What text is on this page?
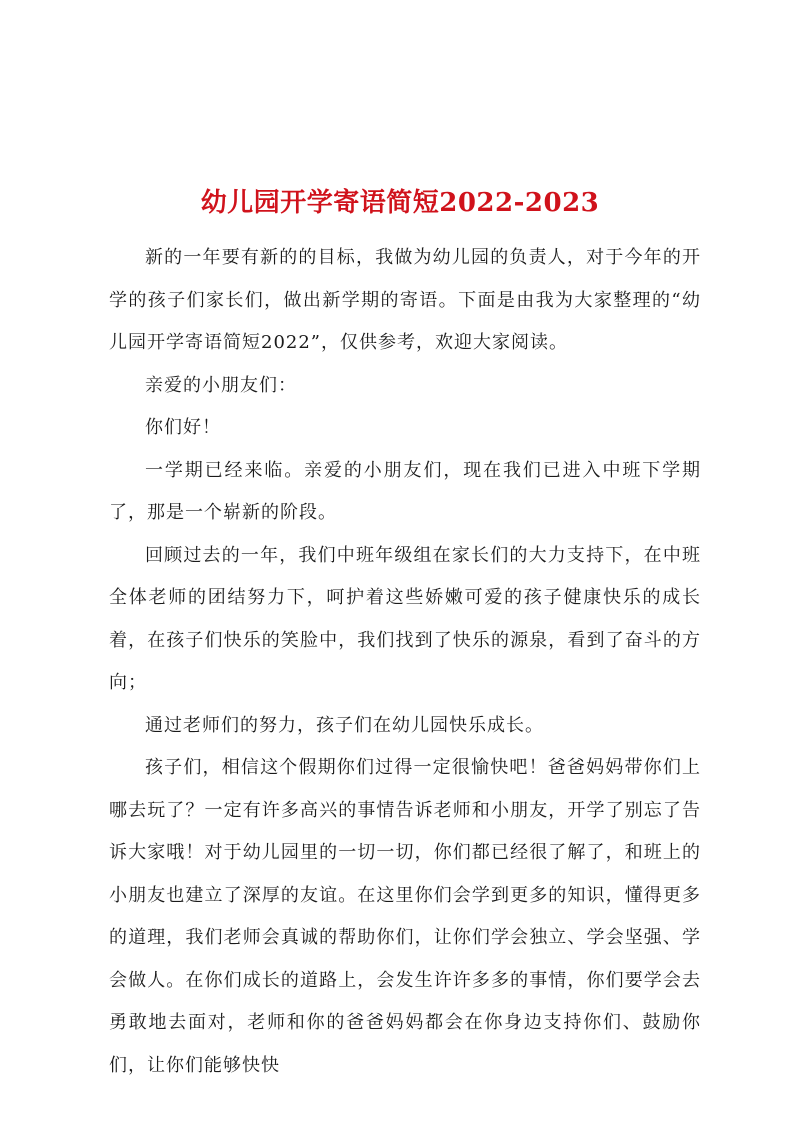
幼儿园开学寄语简短2022-2023

新的一年要有新的的目标，我做为幼儿园的负责人，对于今年的开学的孩子们家长们，做出新学期的寄语。下面是由我为大家整理的“幼儿园开学寄语简短2022”，仅供参考，欢迎大家阅读。

亲爱的小朋友们：

你们好！

一学期已经来临。亲爱的小朋友们，现在我们已进入中班下学期了，那是一个崭新的阶段。

回顾过去的一年，我们中班年级组在家长们的大力支持下，在中班全体老师的团结努力下，呵护着这些娇嫩可爱的孩子健康快乐的成长着，在孩子们快乐的笑脸中，我们找到了快乐的源泉，看到了奋斗的方向；

通过老师们的努力，孩子们在幼儿园快乐成长。

孩子们，相信这个假期你们过得一定很愉快吧！爸爸妈妈带你们上哪去玩了？一定有许多高兴的事情告诉老师和小朋友，开学了别忘了告诉大家哦！对于幼儿园里的一切一切，你们都已经很了解了，和班上的小朋友也建立了深厚的友谊。在这里你们会学到更多的知识，懂得更多的道理，我们老师会真诚的帮助你们，让你们学会独立、学会坚强、学会做人。在你们成长的道路上，会发生许许多多的事情，你们要学会去勇敢地去面对，老师和你的爸爸妈妈都会在你身边支持你们、鼓励你们，让你们能够快快
